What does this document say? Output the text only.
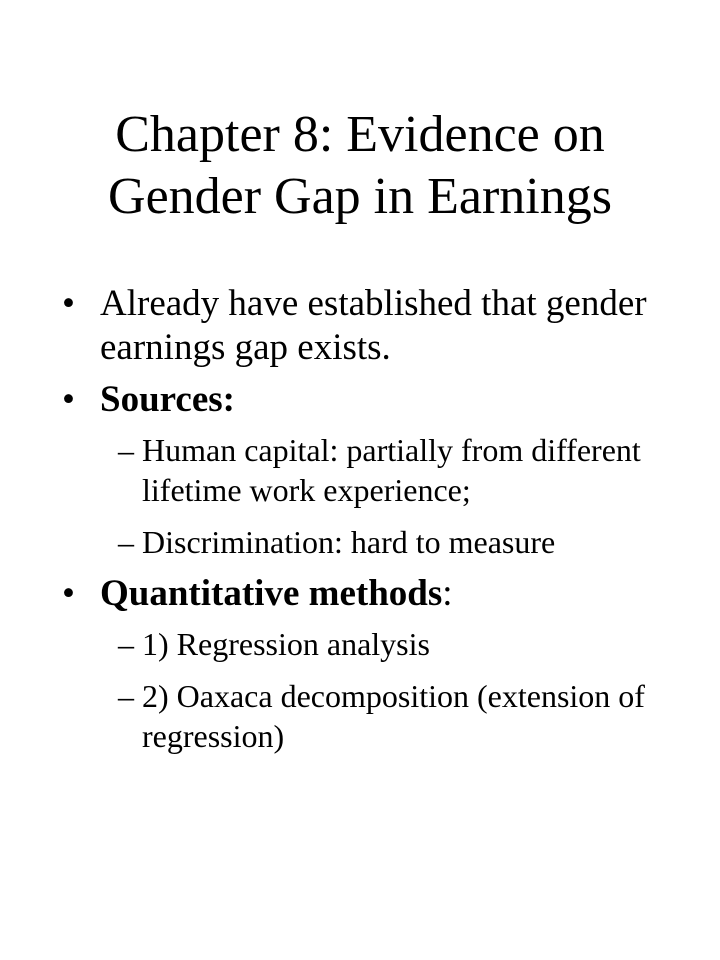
Chapter 8: Evidence on
Gender Gap in Earnings
• Already have established that gender earnings gap exists.
• Sources:
– Human capital: partially from different lifetime work experience;
– Discrimination: hard to measure
• Quantitative methods:
– 1) Regression analysis
– 2) Oaxaca decomposition (extension of regression)
